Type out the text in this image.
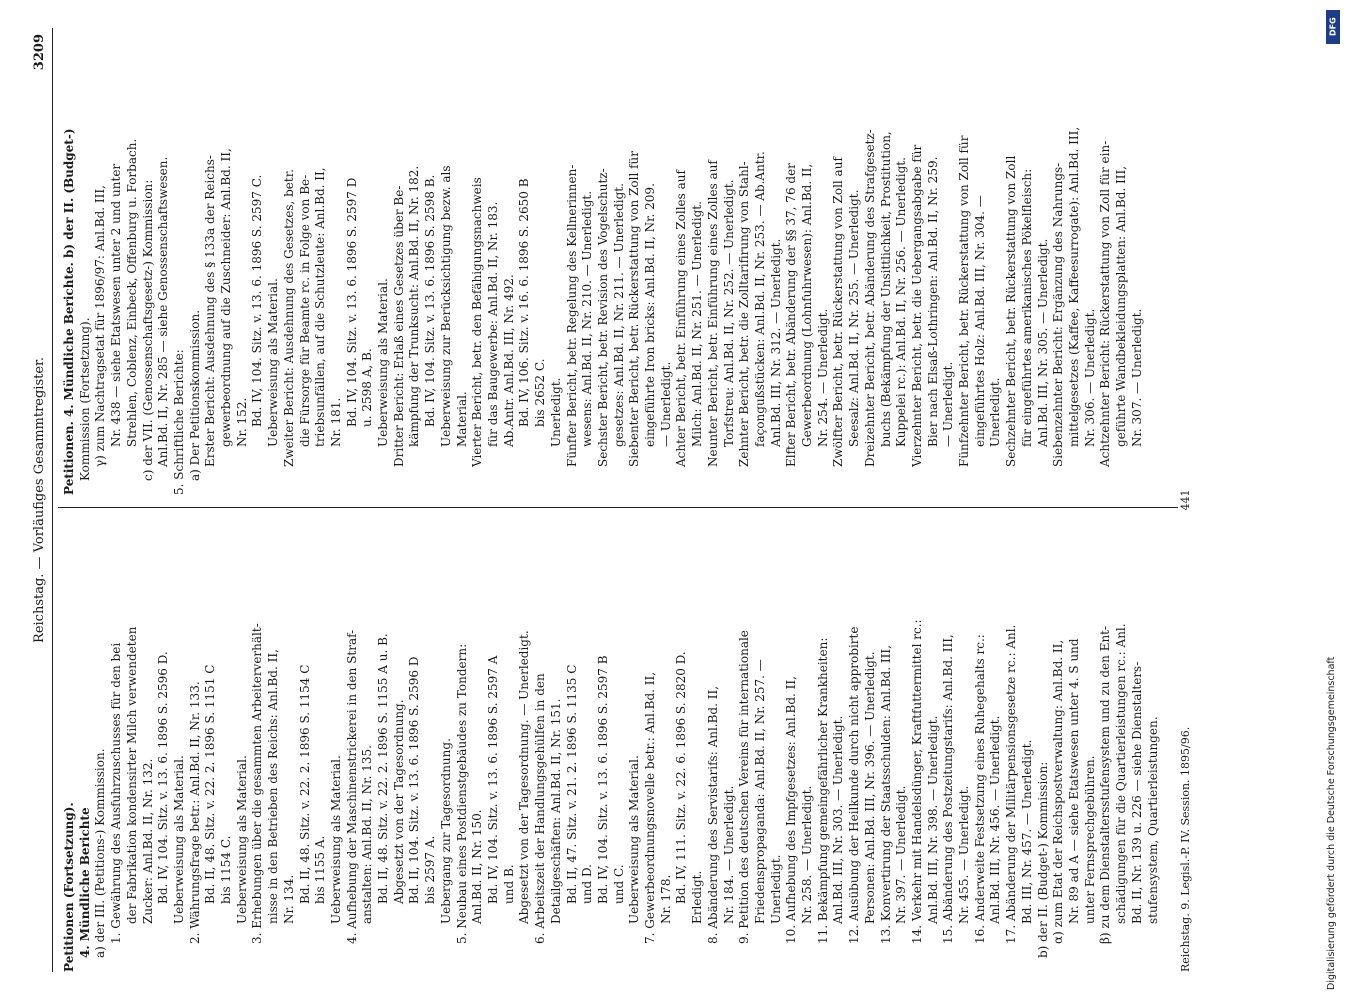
Reichstag. — Vorläufiges Gesammtregister.
3209
Petitionen (Fortsetzung). 4. Mündliche Berichte a) der III. (Petitions-) Kommission. 1. Gewährung des Ausfuhrzuschusses für den bei der Fabrikation kondensirter Milch verwendeten Zucker: Anl.Bd. II, Nr. 132. Bd. IV, 104. Sitz. v. 13. 6. 1896 S. 2596 D. Ueberweisung als Material. 2. Währungsfrage betr.: Anl.Bd. II, Nr. 133. Bd. II, 48. Sitz. v. 22. 2. 1896 S. 1151 C bis 1154 C. Ueberweisung als Material. 3. Erhebungen über die gesammten Arbeiterverhält- nisse in den Betrieben des Reichs: Anl.Bd. II, Nr. 134. Bd. II, 48. Sitz. v. 22. 2. 1896 S. 1154 C bis 1155 A. Ueberweisung als Material. 4. Aufhebung der Maschinenstrickerei in den Straf- anstalten: Anl.Bd. II, Nr. 135. Bd. II, 48. Sitz. v. 22. 2. 1896 S. 1155 A u. B. Abgesetzt von der Tagesordnung. Bd. II, 104. Sitz. v. 13. 6. 1896 S. 2596 D bis 2597 A. Uebergang zur Tagesordnung. 5. Neubau eines Postdienstgebäudes zu Tondern: Anl.Bd. II, Nr. 150. Bd. IV, 104. Sitz. v. 13. 6. 1896 S. 2597 A und B. Abgesetzt von der Tagesordnung. — Unerledigt. 6. Arbeitszeit der Handlungsgehülfen in den Detailgeschäften: Anl.Bd. II, Nr. 151. Bd. II, 47. Sitz. v. 21. 2. 1896 S. 1135 C und D. Bd. IV, 104. Sitz. v. 13. 6. 1896 S. 2597 B und C. Ueberweisung als Material. 7. Gewerbeordnungsnovelle betr.: Anl.Bd. II, Nr. 178. Bd. IV, 111. Sitz. v. 22. 6. 1896 S. 2820 D. Erledigt. 8. Abänderung des Servistarifs: Anl.Bd. II, Nr. 184. — Unerledigt. 9. Petition des deutschen Vereins für internationale Friedenspropaganda: Anl.Bd. II, Nr. 257. — Unerledigt. 10. Aufhebung des Impfgesetzes: Anl.Bd. II, Nr. 258. — Unerledigt. 11. Bekämpfung gemeingefährlicher Krankheiten: Anl.Bd. III, Nr. 303. — Unerledigt. 12. Ausübung der Heilkunde durch nicht approbirte Personen: Anl.Bd. III, Nr. 396. — Unerledigt. 13. Konvertirung der Staatsschulden: Anl.Bd. III, Nr. 397. — Unerledigt. 14. Verkehr mit Handelsdünger, Kraftfuttermittel rc.: Anl.Bd. III, Nr. 398. — Unerledigt. 15. Abänderung des Postzeitungstarifs: Anl.Bd. III, Nr. 455. — Unerledigt. 16. Anderweite Festsetzung eines Ruhegehalts rc.: Anl.Bd. III, Nr. 456. — Unerledigt. 17. Abänderung der Militärpensionsgesetze rc.: Anl. Bd. III, Nr. 457. — Unerledigt. b) der II. (Budget-) Kommission: α) zum Etat der Reichspostverwaltung: Anl.Bd. II, Nr. 89 ad A — siehe Etatswesen unter 4. S und unter Fernsprechgebühren. β) zu dem Dienstaltersstufensystem und zu den Ent- schädigungen für die Quartierleistungen rc.: Anl. Bd. II, Nr. 139 u. 226 — siehe Dienstalters- stufensystem, Quartierleistungen.
Petitionen. 4. Mündliche Berichte. b) der II. (Budget-) Kommission (Fortsetzung). γ) zum Nachtragsetat für 1896/97: Anl.Bd. III, Nr. 438 — siehe Etatswesen unter 2 und unter Strehlen, Coblenz, Einbeck, Offenburg u. Forbach. c) der VII. (Genossenschaftsgesetz-) Kommission: Anl.Bd. II, Nr. 285 — siehe Genossenschaftswesen. 5. Schriftliche Berichte: a) Der Petitionskommission. Erster Bericht: Ausdehnung des § 133a der Reichs- gewerbeordnung auf die Zuschneider: Anl.Bd. II, Nr. 152. Bd. IV, 104. Sitz. v. 13. 6. 1896 S. 2597 C. Ueberweisung als Material. Zweiter Bericht: Ausdehnung des Gesetzes, betr. die Fürsorge für Beamte rc. in Folge von Be- triebsunfällen, auf die Schutzleute: Anl.Bd. II, Nr. 181. Bd. IV, 104. Sitz. v. 13. 6. 1896 S. 2597 D u. 2598 A, B. Ueberweisung als Material. Dritter Bericht: Erlaß eines Gesetzes über Be- kämpfung der Trunksucht: Anl.Bd. II, Nr. 182. Bd. IV, 104. Sitz. v. 13. 6. 1896 S. 2598 B. Ueberweisung zur Berücksichtigung bezw. als Material. Vierter Bericht, betr. den Befähigungsnachweis für das Baugewerbe: Anl.Bd. II, Nr. 183. Ab.Antr. Anl.Bd. III, Nr. 492. Bd. IV, 106. Sitz. v. 16. 6. 1896 S. 2650 B bis 2652 C. Unerledigt. Fünfter Bericht, betr. Regelung des Kellnerinnen- wesens: Anl.Bd. II, Nr. 210. — Unerledigt. Sechster Bericht, betr. Revision des Vogelschutz- gesetzes: Anl.Bd. II, Nr. 211. — Unerledigt. Siebenter Bericht, betr. Rückerstattung von Zoll für eingeführte Iron bricks: Anl.Bd. II, Nr. 209. — Unerledigt. Achter Bericht, betr. Einführung eines Zolles auf Milch: Anl.Bd. II, Nr. 251. — Unerledigt. Neunter Bericht, betr. Einführung eines Zolles auf Torfstreu: Anl.Bd. II, Nr. 252. — Unerledigt. Zehnter Bericht, betr. die Zolltarifirung von Stahl- façongußstücken: Anl.Bd. II, Nr. 253. — Ab.Antr. Anl.Bd. III, Nr. 312. — Unerledigt. Elfter Bericht, betr. Abänderung der §§ 37, 76 der Gewerbeordnung (Lohnfuhrwesen): Anl.Bd. II, Nr. 254. — Unerledigt. Zwölfter Bericht, betr. Rückerstattung von Zoll auf Seesalz: Anl.Bd. II, Nr. 255. — Unerledigt. Dreizehnter Bericht, betr. Abänderung des Strafgesetz- buchs (Bekämpfung der Unsittlichkeit, Prostitution, Kuppelei rc.): Anl.Bd. II, Nr. 256. — Unerledigt. Vierzehnter Bericht, betr. die Uebergangsabgabe für Bier nach Elsaß-Lothringen: Anl.Bd. II, Nr. 259. — Unerledigt. Fünfzehnter Bericht, betr. Rückerstattung von Zoll für eingeführtes Holz: Anl.Bd. III, Nr. 304. — Unerledigt. Sechzehnter Bericht, betr. Rückerstattung von Zoll für eingeführtes amerikanisches Pökelfleisch: Anl.Bd. III, Nr. 305. — Unerledigt. Siebenzehnter Bericht: Ergänzung des Nahrungs- mittelgesetzes (Kaffee, Kaffeesurrogate): Anl.Bd. III, Nr. 306. — Unerledigt. Achtzehnter Bericht: Rückerstattung von Zoll für ein- geführte Wandbekleidungsplatten: Anl.Bd. III, Nr. 307. — Unerledigt.
Reichstag. 9. Legisl.-P. IV. Session. 1895/96.
441
DFG
Digitalisierung gefördert durch die Deutsche Forschungsgemeinschaft
